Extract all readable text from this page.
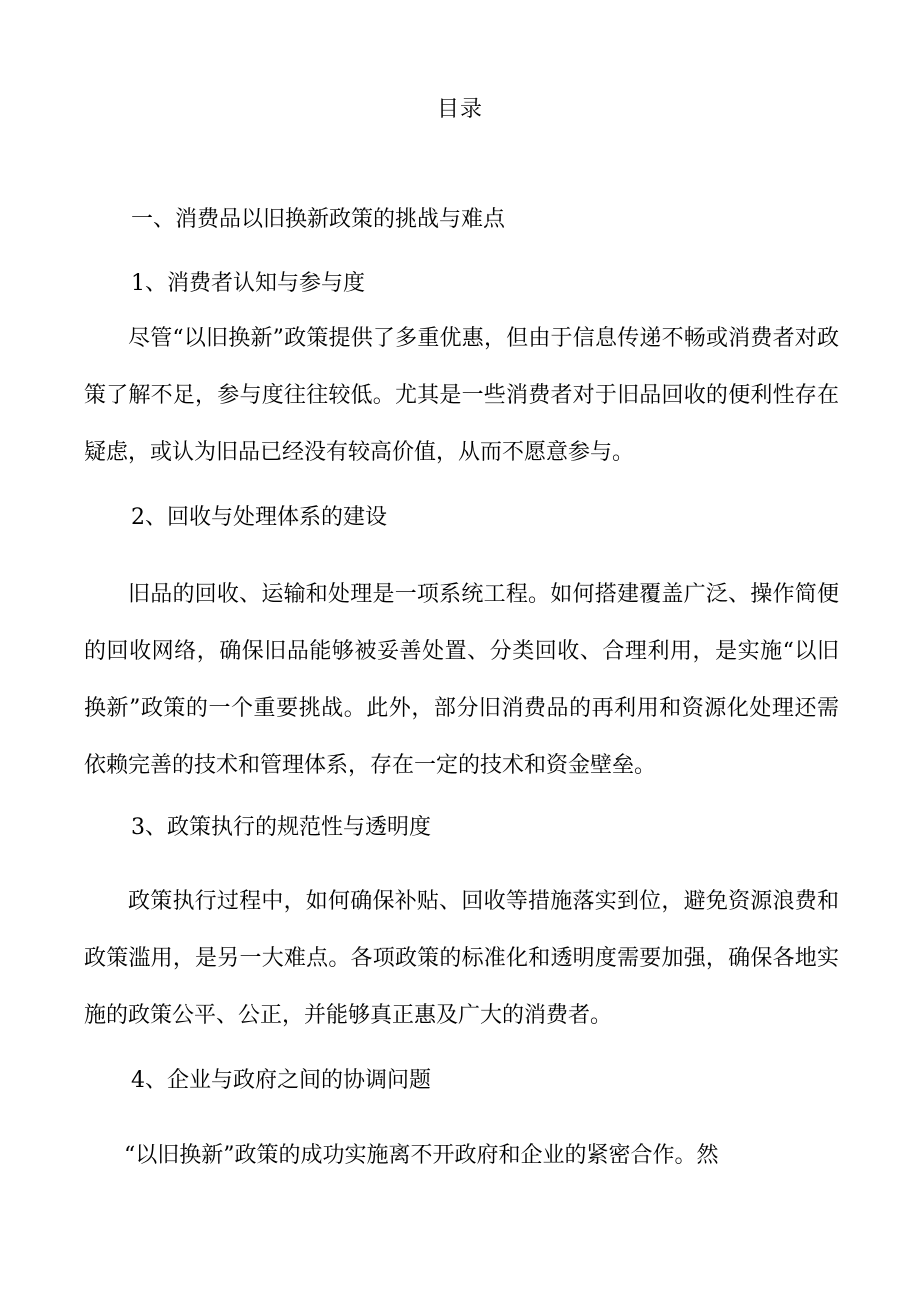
目录
一、消费品以旧换新政策的挑战与难点
1、消费者认知与参与度

尽管“以旧换新”政策提供了多重优惠，但由于信息传递不畅或消费者对政策了解不足，参与度往往较低。尤其是一些消费者对于旧品回收的便利性存在疑虑，或认为旧品已经没有较高价值，从而不愿意参与。

2、回收与处理体系的建设

旧品的回收、运输和处理是一项系统工程。如何搭建覆盖广泛、操作简便的回收网络，确保旧品能够被妥善处置、分类回收、合理利用，是实施“以旧换新”政策的一个重要挑战。此外，部分旧消费品的再利用和资源化处理还需依赖完善的技术和管理体系，存在一定的技术和资金壁垒。

3、政策执行的规范性与透明度

政策执行过程中，如何确保补贴、回收等措施落实到位，避免资源浪费和政策滥用，是另一大难点。各项政策的标准化和透明度需要加强，确保各地实施的政策公平、公正，并能够真正惠及广大的消费者。

4、企业与政府之间的协调问题

“以旧换新”政策的成功实施离不开政府和企业的紧密合作。然
